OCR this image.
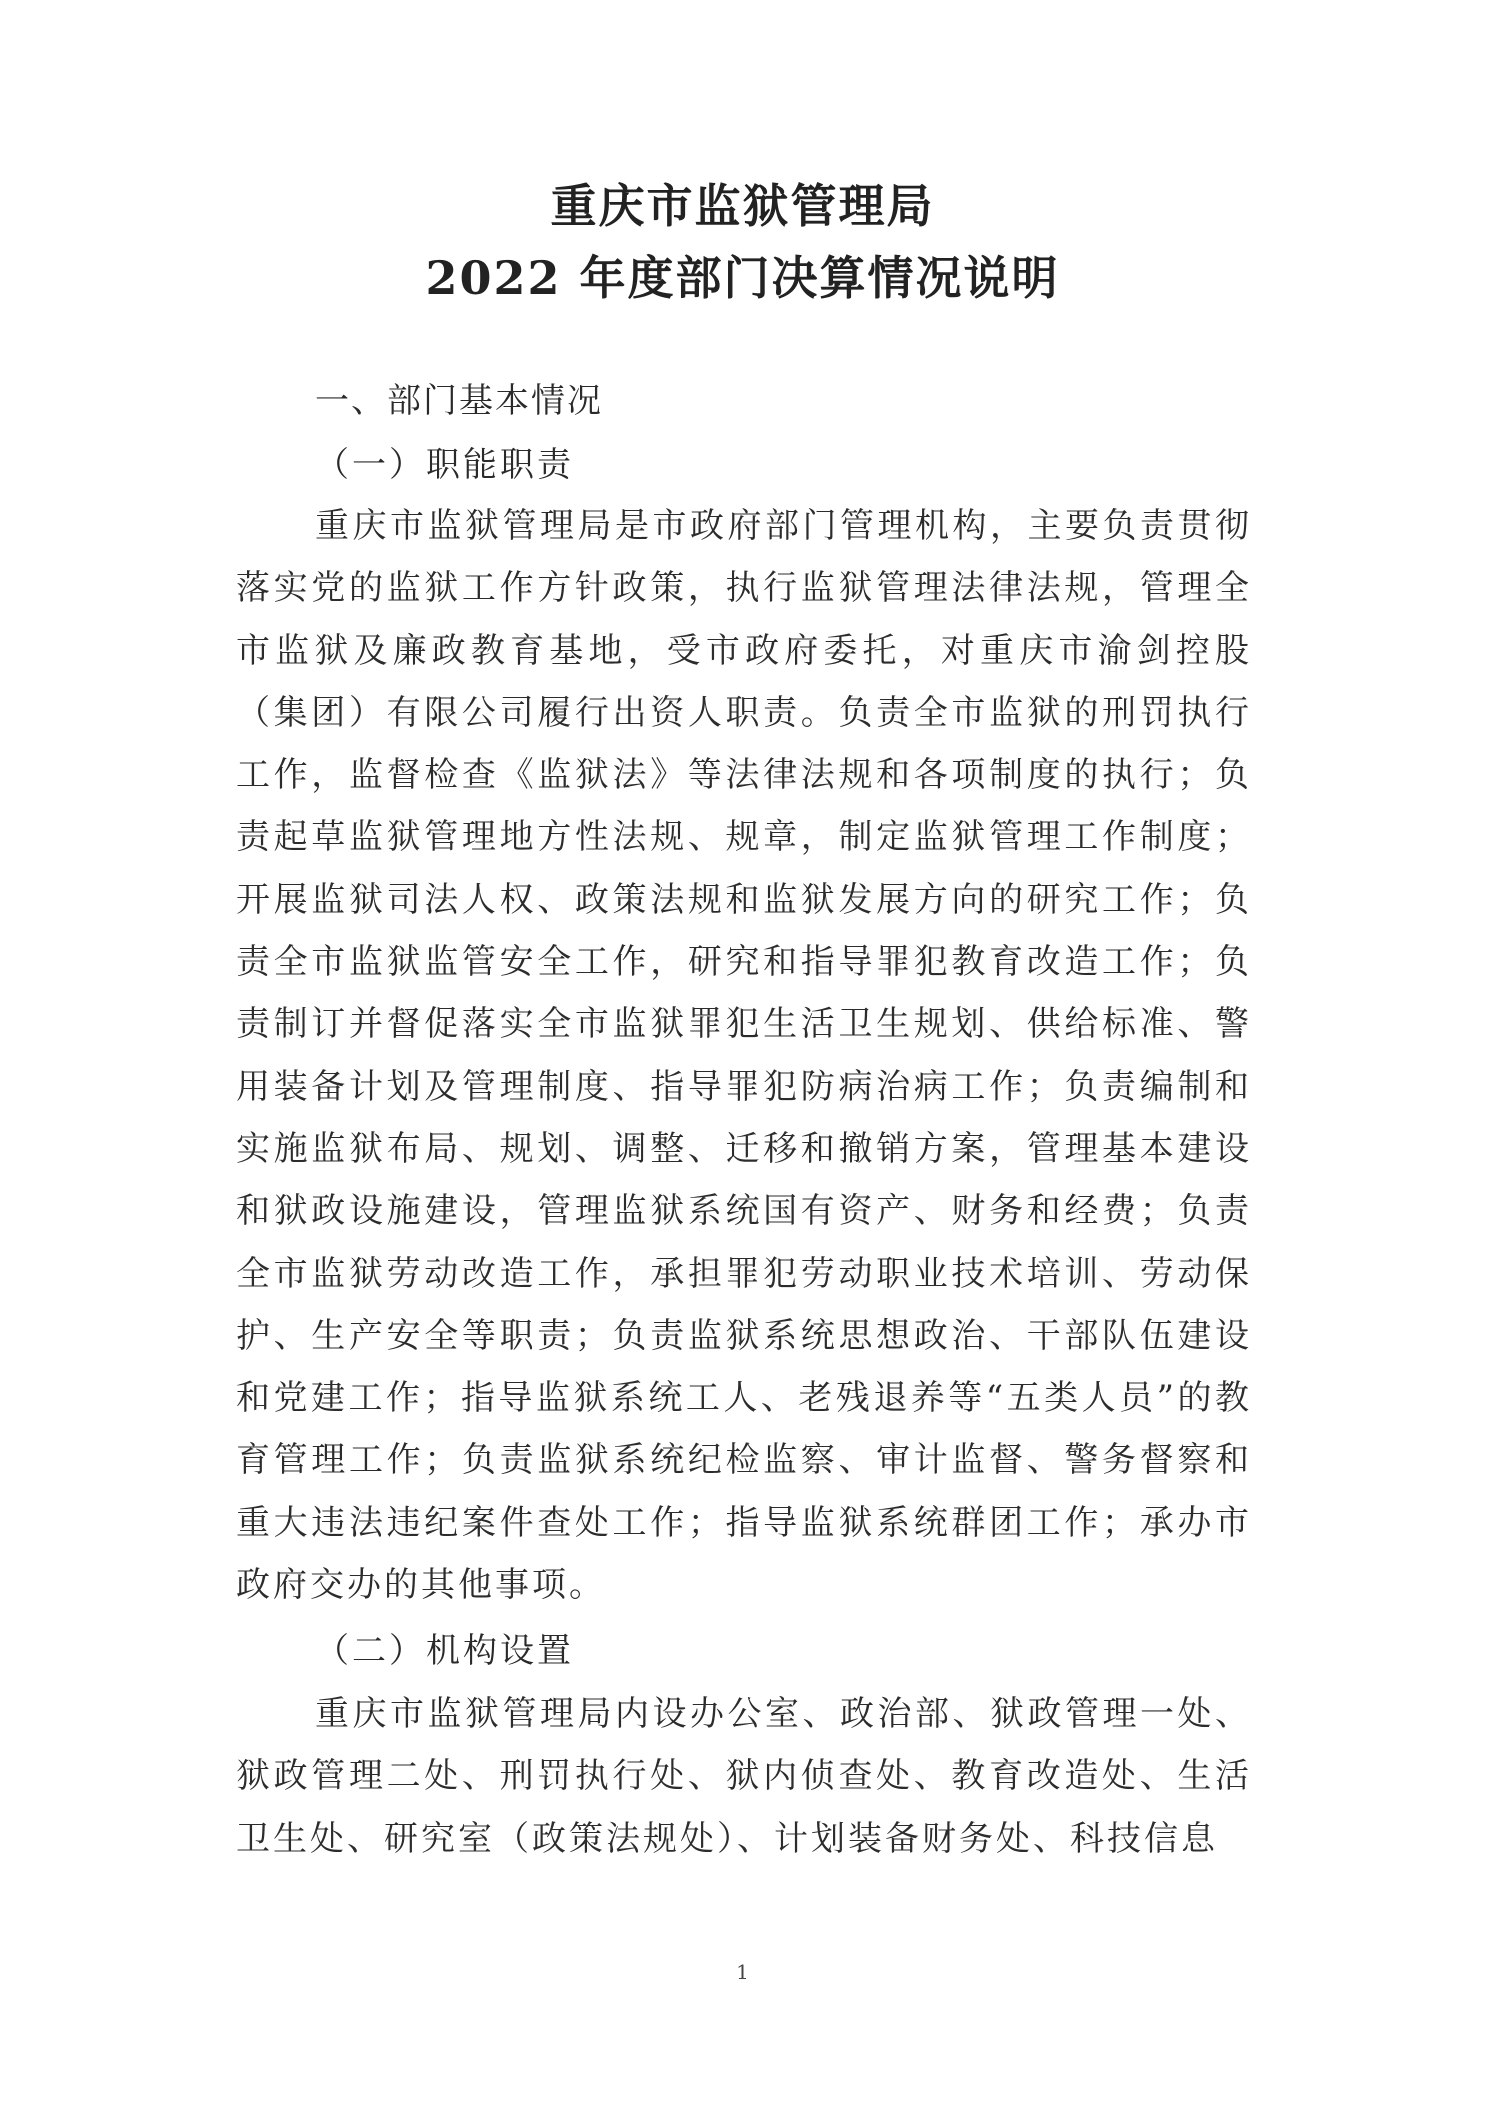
重庆市监狱管理局
2022 年度部门决算情况说明
一、部门基本情况
（一）职能职责

重庆市监狱管理局是市政府部门管理机构，主要负责贯彻落实党的监狱工作方针政策，执行监狱管理法律法规，管理全市监狱及廉政教育基地，受市政府委托，对重庆市渝剑控股（集团）有限公司履行出资人职责。负责全市监狱的刑罚执行工作，监督检查《监狱法》等法律法规和各项制度的执行；负责起草监狱管理地方性法规、规章，制定监狱管理工作制度；开展监狱司法人权、政策法规和监狱发展方向的研究工作；负责全市监狱监管安全工作，研究和指导罪犯教育改造工作；负责制订并督促落实全市监狱罪犯生活卫生规划、供给标准、警用装备计划及管理制度、指导罪犯防病治病工作；负责编制和实施监狱布局、规划、调整、迁移和撤销方案，管理基本建设和狱政设施建设，管理监狱系统国有资产、财务和经费；负责全市监狱劳动改造工作，承担罪犯劳动职业技术培训、劳动保护、生产安全等职责；负责监狱系统思想政治、干部队伍建设和党建工作；指导监狱系统工人、老残退养等“五类人员”的教育管理工作；负责监狱系统纪检监察、审计监督、警务督察和重大违法违纪案件查处工作；指导监狱系统群团工作；承办市政府交办的其他事项。

（二）机构设置

重庆市监狱管理局内设办公室、政治部、狱政管理一处、狱政管理二处、刑罚执行处、狱内侦查处、教育改造处、生活卫生处、研究室（政策法规处）、计划装备财务处、科技信息

1
